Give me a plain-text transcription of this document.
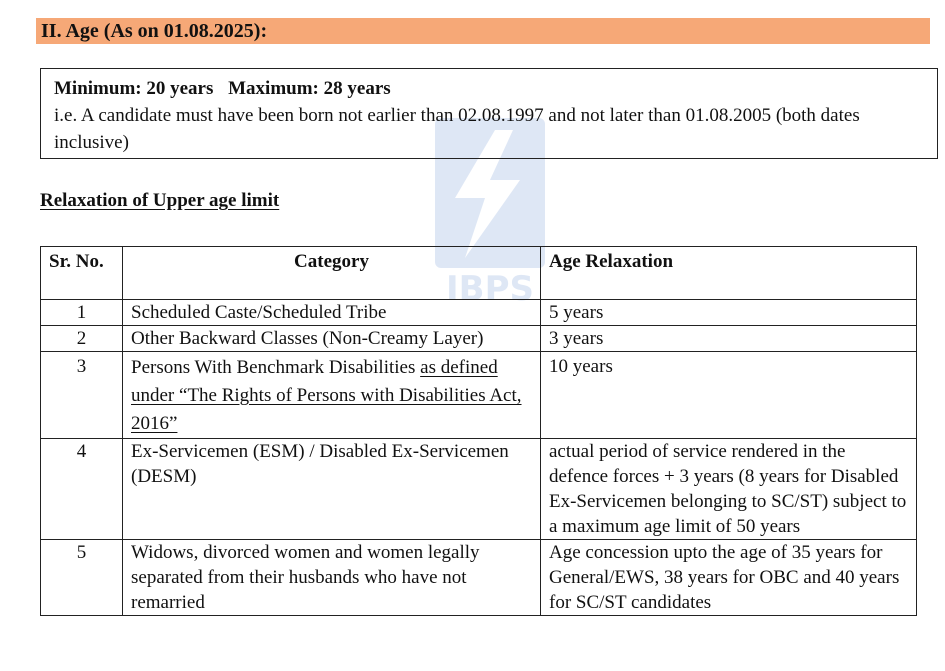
IBPS
II. Age (As on 01.08.2025):
Minimum: 20 years Maximum: 28 years
i.e. A candidate must have been born not earlier than 02.08.1997 and not later than 01.08.2005 (both dates inclusive)
Relaxation of Upper age limit
Sr. No.	Category	Age Relaxation
1	Scheduled Caste/Scheduled Tribe	5 years
2	Other Backward Classes (Non-Creamy Layer)	3 years
3	Persons With Benchmark Disabilities as defined under “The Rights of Persons with Disabilities Act, 2016”	10 years
4	Ex-Servicemen (ESM) / Disabled Ex-Servicemen (DESM)	actual period of service rendered in the defence forces + 3 years (8 years for Disabled Ex-Servicemen belonging to SC/ST) subject to a maximum age limit of 50 years
5	Widows, divorced women and women legally separated from their husbands who have not remarried	Age concession upto the age of 35 years for General/EWS, 38 years for OBC and 40 years for SC/ST candidates
